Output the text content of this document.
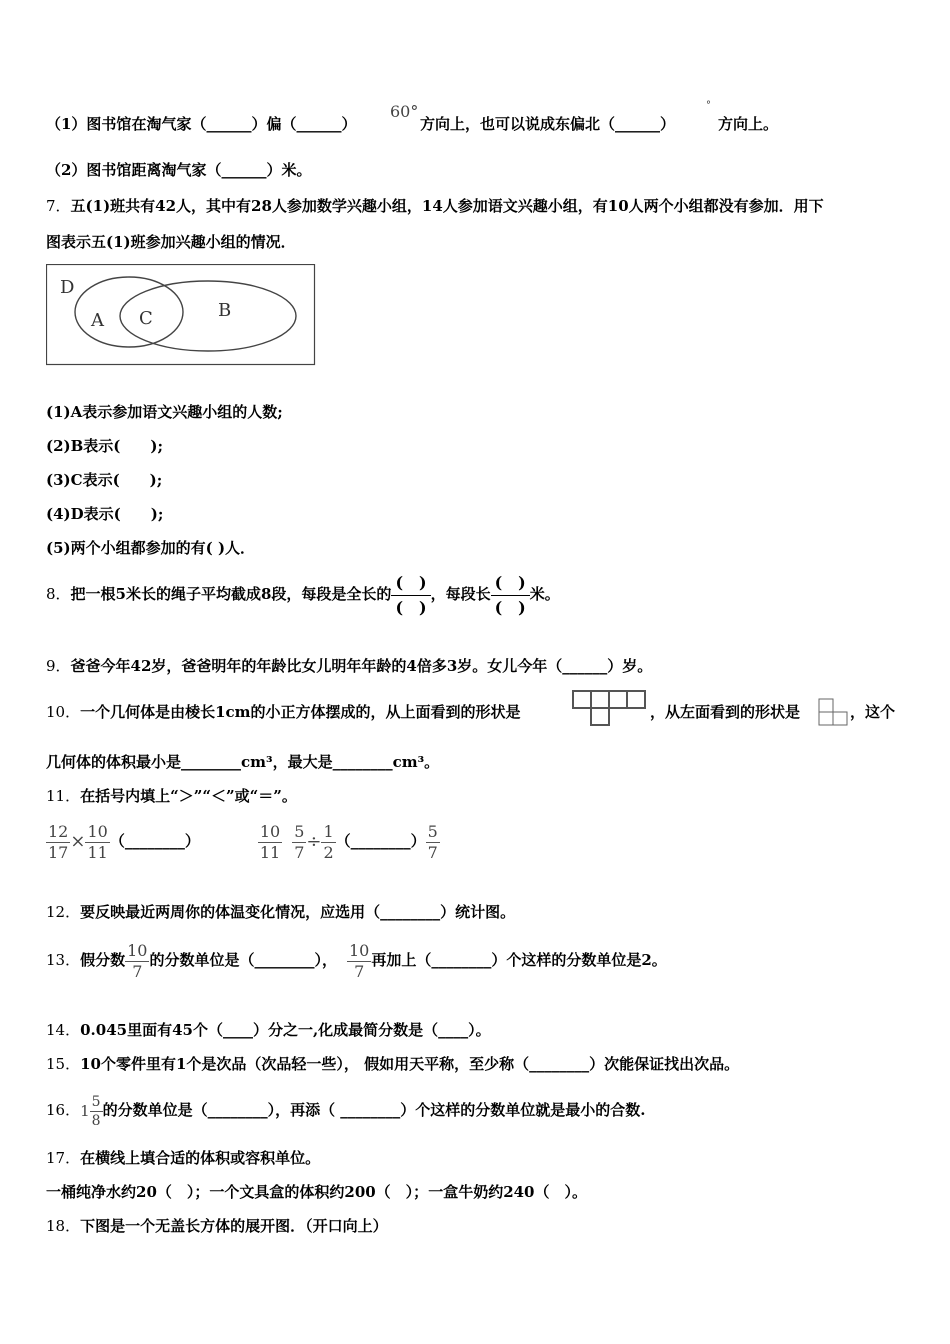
（1）图书馆在淘气家（______）偏（______）
60°
方向上，也可以说成东偏北（______）
°
方向上。
（2）图书馆距离淘气家（______）米。
7．五(1)班共有42人，其中有28人参加数学兴趣小组，14人参加语文兴趣小组，有10人两个小组都没有参加．用下
图表示五(1)班参加兴趣小组的情况．
D
A C	B
(1)A表示参加语文兴趣小组的人数;
(2)B表示(　　);
(3)C表示(　　);
(4)D表示(　　);
(5)两个小组都参加的有( )人．
8．把一根5米长的绳子平均截成8段，每段是全长的
(　)
(　)
，每段长
(　)
(　)
米。
9．爸爸今年42岁，爸爸明年的年龄比女儿明年年龄的4倍多3岁。女儿今年（______）岁。
10．一个几何体是由棱长1cm的小正方体摆成的，从上面看到的形状是	，从左面看到的形状是	，这个
几何体的体积最小是________cm³，最大是________cm³。
11．在括号内填上“＞”“＜”或“＝”。
$\frac{12}{17} \times \frac{10}{11}$ （________）	$\frac{10}{11} \frac{5}{7} \div \frac{1}{2}$ （________） $\frac{5}{7}$
12．要反映最近两周你的体温变化情况，应选用（________）统计图。
13．假分数 $\frac{10}{7}$ 的分数单位是（________）， $\frac{10}{7}$ 再加上（________）个这样的分数单位是2。
14．0.045里面有45个（____）分之一,化成最简分数是（____）。
15．10个零件里有1个是次品（次品轻一些）， 假如用天平称，至少称（________）次能保证找出次品。
16．$1 \frac{5}{8}$ 的分数单位是（________），再添（ ________）个这样的分数单位就是最小的合数.
17．在横线上填合适的体积或容积单位。
一桶纯净水约20（　）；一个文具盒的体积约200（　）；一盒牛奶约240（　）。
18．下图是一个无盖长方体的展开图．（开口向上）
